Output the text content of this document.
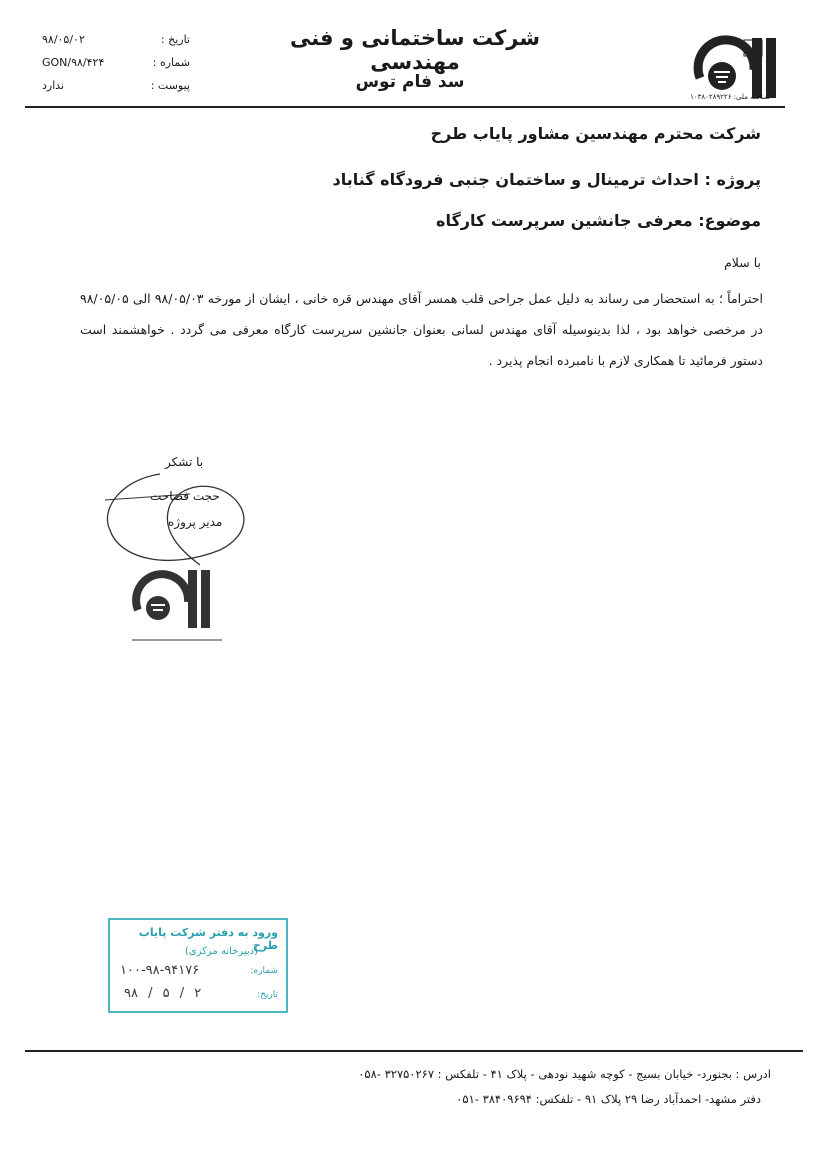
تاریخ :
۹۸/۰۵/۰۲
شماره :
GON/۹۸/۴۲۴
پیوست :
ندارد
شرکت ساختمانی و فنی مهندسی
سد فام توس
شناسه ملی: ۱۰۳۸۰۲۸۹۲۲۶
شرکت محترم مهندسین مشاور پایاب طرح
پروژه : احداث ترمینال و ساختمان جنبی فرودگاه گناباد
موضوع: معرفی جانشین سرپرست کارگاه
با سلام
احتراماً ؛ به استحضار می رساند به دلیل عمل جراحی قلب همسر آقای مهندس قره خانی ، ایشان از مورخه ۹۸/۰۵/۰۳ الی ۹۸/۰۵/۰۵ در مرخصی خواهد بود ، لذا بدینوسیله آقای مهندس لسانی بعنوان جانشین سرپرست کارگاه معرفی می گردد . خواهشمند است دستور فرمائید تا همکاری لازم با نامبرده انجام پذیرد .
با تشکر
حجت فصاحت
مدیر پروژه
ورود به دفتر شرکت پایاب طرح
(دبیرخانه مرکزی)
شماره:
۱۰۰-۹۸-۹۴۱۷۶
تاریخ:
۹۸ / ۵ / ۲
ادرس : بجنورد- خیابان بسیج - کوچه شهید نودهی - پلاک ۴۱ - تلفکس : ۳۲۷۵۰۲۶۷ -۰۵۸
دفتر مشهد- احمدآباد رضا ۲۹ پلاک ۹۱ - تلفکس: ۳۸۴۰۹۶۹۴ -۰۵۱
